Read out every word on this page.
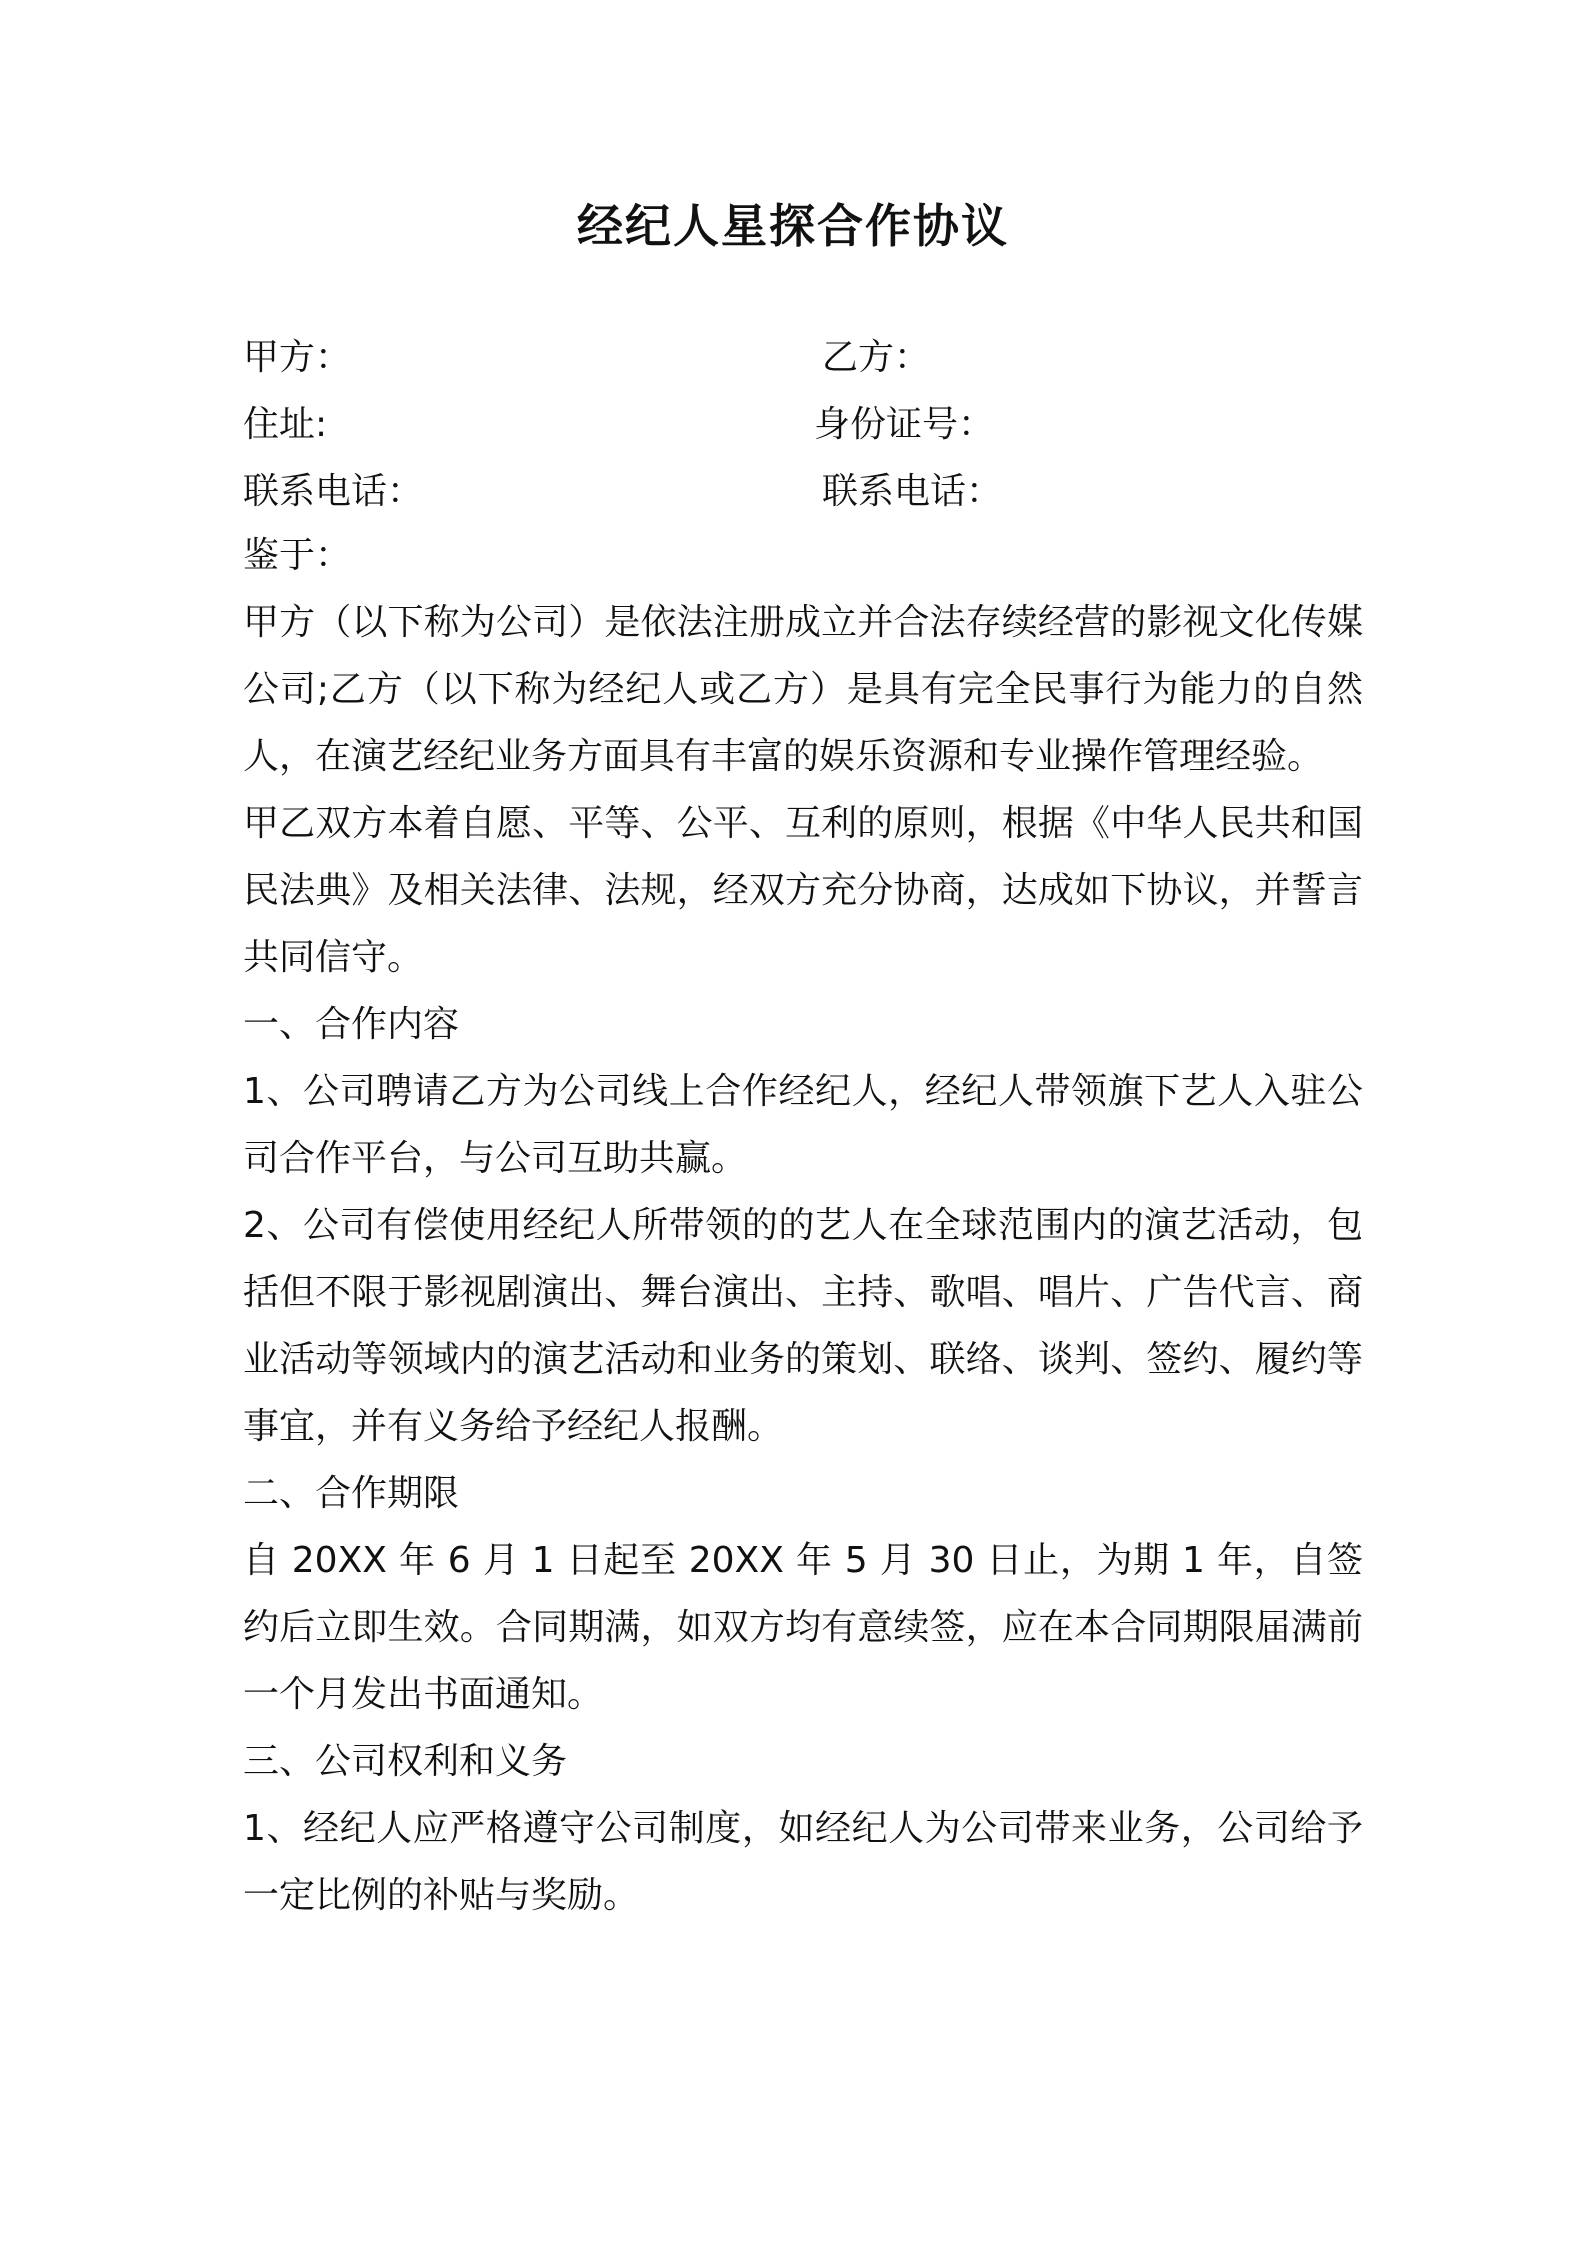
经纪人星探合作协议
甲方：	乙方：
住址:	身份证号：
联系电话：	联系电话：

鉴于：

甲方（以下称为公司）是依法注册成立并合法存续经营的影视文化传媒公司;乙方（以下称为经纪人或乙方）是具有完全民事行为能力的自然人，在演艺经纪业务方面具有丰富的娱乐资源和专业操作管理经验。

甲乙双方本着自愿、平等、公平、互利的原则，根据《中华人民共和国民法典》及相关法律、法规，经双方充分协商，达成如下协议，并誓言共同信守。

一、合作内容

1、公司聘请乙方为公司线上合作经纪人，经纪人带领旗下艺人入驻公司合作平台，与公司互助共赢。

2、公司有偿使用经纪人所带领的的艺人在全球范围内的演艺活动，包括但不限于影视剧演出、舞台演出、主持、歌唱、唱片、广告代言、商业活动等领域内的演艺活动和业务的策划、联络、谈判、签约、履约等事宜，并有义务给予经纪人报酬。

二、合作期限

自 20XX 年 6 月 1 日起至 20XX 年 5 月 30 日止，为期 1 年，自签约后立即生效。合同期满，如双方均有意续签，应在本合同期限届满前一个月发出书面通知。

三、公司权利和义务

1、经纪人应严格遵守公司制度，如经纪人为公司带来业务，公司给予一定比例的补贴与奖励。
